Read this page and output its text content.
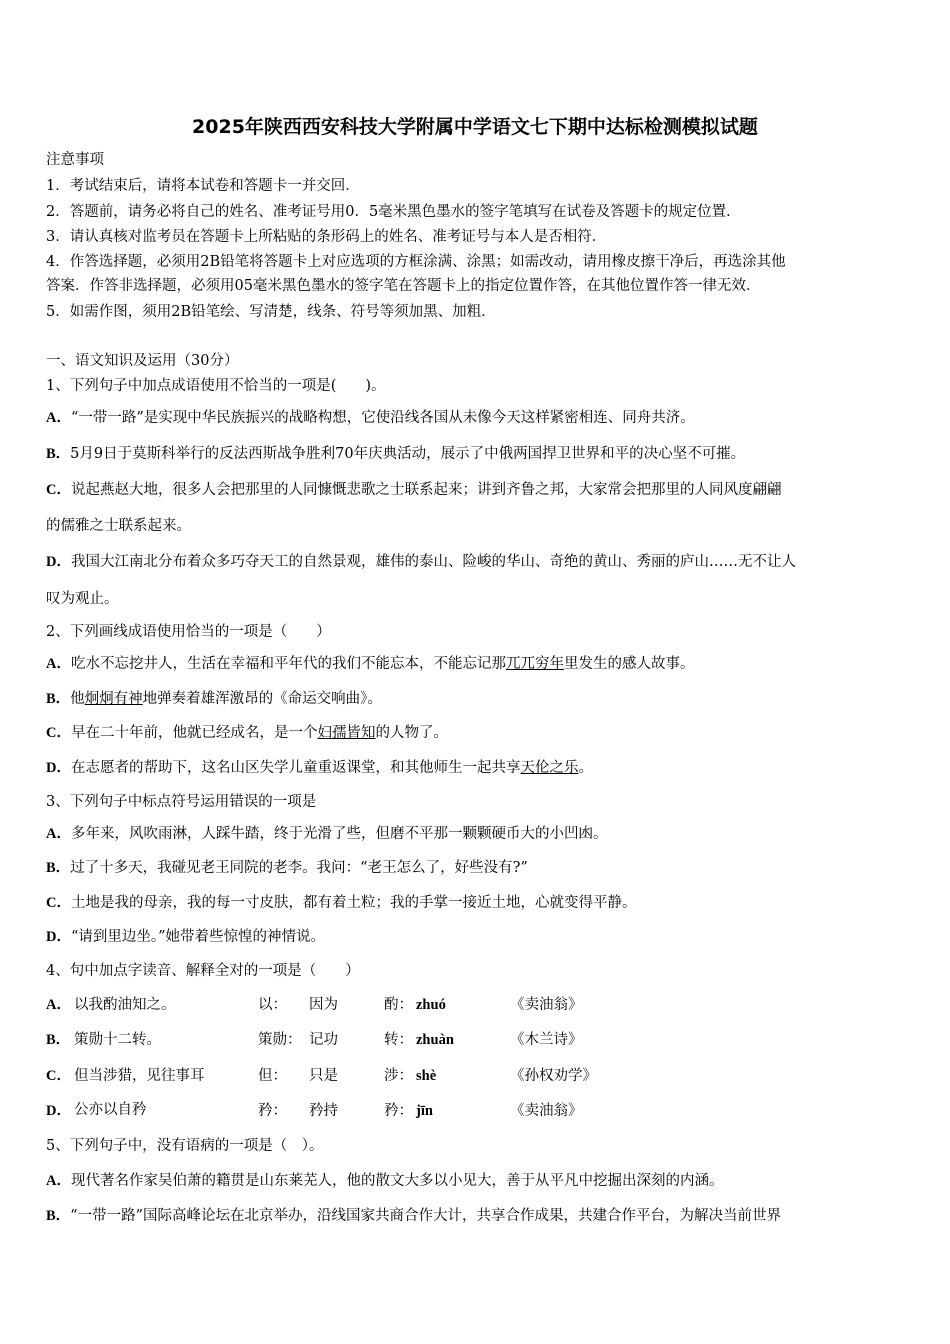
2025年陕西西安科技大学附属中学语文七下期中达标检测模拟试题
注意事项
1．考试结束后，请将本试卷和答题卡一并交回．
2．答题前，请务必将自己的姓名、准考证号用0．5毫米黑色墨水的签字笔填写在试卷及答题卡的规定位置．
3．请认真核对监考员在答题卡上所粘贴的条形码上的姓名、准考证号与本人是否相符．
4．作答选择题，必须用2B铅笔将答题卡上对应选项的方框涂满、涂黑；如需改动，请用橡皮擦干净后，再选涂其他
答案．作答非选择题，必须用05毫米黑色墨水的签字笔在答题卡上的指定位置作答，在其他位置作答一律无效．
5．如需作图，须用2B铅笔绘、写清楚，线条、符号等须加黑、加粗．
一、语文知识及运用（30分）
1、下列句子中加点成语使用不恰当的一项是(　　)。
A．“一带一路”是实现中华民族振兴的战略构想，它使沿线各国从未像今天这样紧密相连、同舟共济。
B．5月9日于莫斯科举行的反法西斯战争胜利70年庆典活动，展示了中俄两国捍卫世界和平的决心坚不可摧。
C．说起燕赵大地，很多人会把那里的人同慷慨悲歌之士联系起来；讲到齐鲁之邦，大家常会把那里的人同风度翩翩
的儒雅之士联系起来。
D．我国大江南北分布着众多巧夺天工的自然景观，雄伟的泰山、险峻的华山、奇绝的黄山、秀丽的庐山……无不让人
叹为观止。
2、下列画线成语使用恰当的一项是（　　）
A．吃水不忘挖井人，生活在幸福和平年代的我们不能忘本，不能忘记那兀兀穷年里发生的感人故事。
B．他炯炯有神地弹奏着雄浑激昂的《命运交响曲》。
C．早在二十年前，他就已经成名，是一个妇孺皆知的人物了。
D．在志愿者的帮助下，这名山区失学儿童重返课堂，和其他师生一起共享天伦之乐。
3、下列句子中标点符号运用错误的一项是
A．多年来，风吹雨淋，人踩牛踏，终于光滑了些，但磨不平那一颗颗硬币大的小凹凼。
B．过了十多天，我碰见老王同院的老李。我问：“老王怎么了，好些没有?”
C．土地是我的母亲，我的每一寸皮肤，都有着土粒；我的手掌一接近土地，心就变得平静。
D．“请到里边坐。”她带着些惊惶的神情说。
4、句中加点字读音、解释全对的一项是（　　）
A． 以我酌油知之。	以： 因为	酌： zhuó	《卖油翁》
B． 策勋十二转。	策勋： 记功	转： zhuàn	《木兰诗》
C． 但当涉猎，见往事耳	但： 只是	涉： shè	《孙权劝学》
D． 公亦以自矜	矜： 矜持	矜： jīn	《卖油翁》
5、下列句子中，没有语病的一项是（　）。
A．现代著名作家吴伯萧的籍贯是山东莱芜人，他的散文大多以小见大，善于从平凡中挖掘出深刻的内涵。
B．“一带一路”国际高峰论坛在北京举办，沿线国家共商合作大计，共享合作成果，共建合作平台，为解决当前世界
